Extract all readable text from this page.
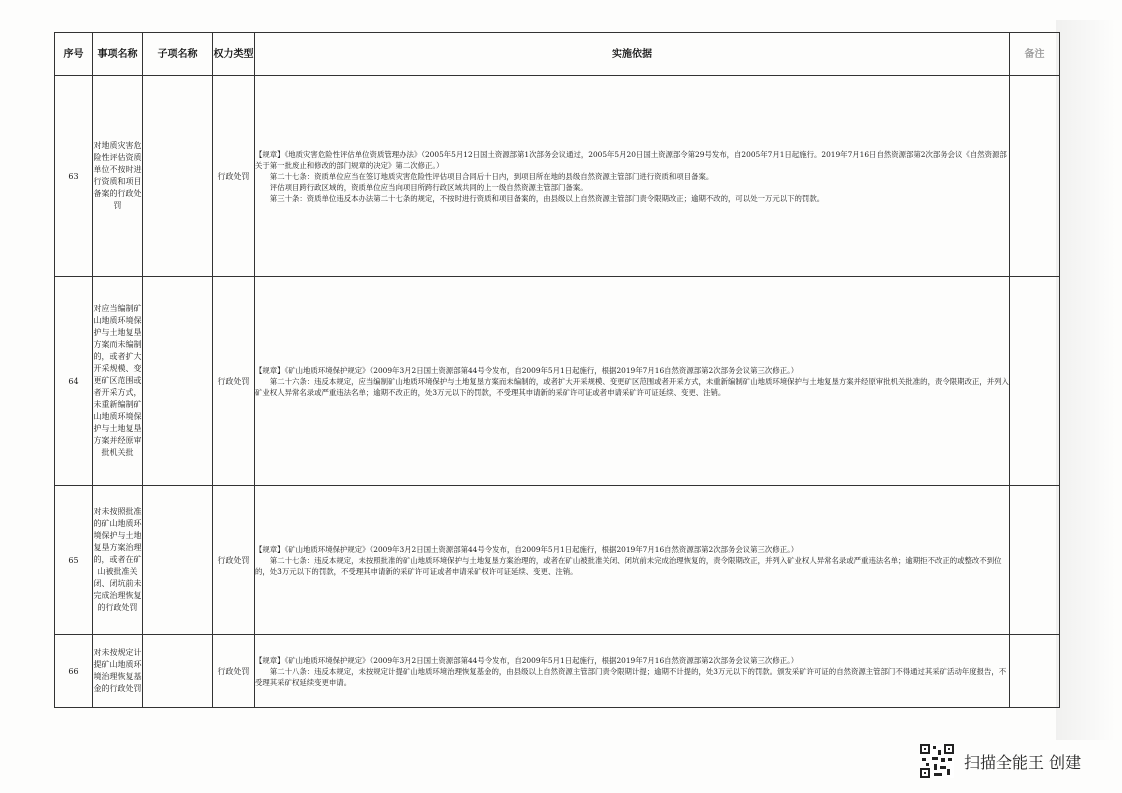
序号	事项名称	子项名称	权力类型	实施依据	备注
63	对地质灾害危险性评估资质单位不按时进行资质和项目备案的行政处罚		行政处罚	【规章】《地质灾害危险性评估单位资质管理办法》（2005年5月12日国土资源部第1次部务会议通过，2005年5月20日国土资源部令第29号发布，自2005年7月1日起施行。2019年7月16日自然资源部第2次部务会议《自然资源部关于第一批废止和修改的部门规章的决定》第二次修正。）

第二十七条：资质单位应当在签订地质灾害危险性评估项目合同后十日内，到项目所在地的县级自然资源主管部门进行资质和项目备案。

评估项目跨行政区域的，资质单位应当向项目所跨行政区域共同的上一级自然资源主管部门备案。

第三十条：资质单位违反本办法第二十七条的规定，不按时进行资质和项目备案的，由县级以上自然资源主管部门责令限期改正；逾期不改的，可以处一万元以下的罚款。	

64	对应当编制矿山地质环境保护与土地复垦方案而未编制的，或者扩大开采规模、变更矿区范围或者开采方式，未重新编制矿山地质环境保护与土地复垦方案并经原审批机关批		行政处罚	【规章】《矿山地质环境保护规定》（2009年3月2日国土资源部第44号令发布，自2009年5月1日起施行，根据2019年7月16自然资源部第2次部务会议第三次修正。）

第二十六条：违反本规定，应当编制矿山地质环境保护与土地复垦方案而未编制的，或者扩大开采规模、变更矿区范围或者开采方式，未重新编制矿山地质环境保护与土地复垦方案并经原审批机关批准的，责令限期改正，并列入矿业权人异常名录或严重违法名单；逾期不改正的，处3万元以下的罚款，不受理其申请新的采矿许可证或者申请采矿许可证延续、变更、注销。	

65	对未按照批准的矿山地质环境保护与土地复垦方案治理的，或者在矿山被批准关闭、闭坑前未完成治理恢复的行政处罚		行政处罚	【规章】《矿山地质环境保护规定》（2009年3月2日国土资源部第44号令发布，自2009年5月1日起施行，根据2019年7月16自然资源部第2次部务会议第三次修正。）

第二十七条：违反本规定，未按照批准的矿山地质环境保护与土地复垦方案治理的，或者在矿山被批准关闭、闭坑前未完成治理恢复的，责令限期改正，并列入矿业权人异常名录或严重违法名单；逾期拒不改正的或整改不到位的，处3万元以下的罚款，不受理其申请新的采矿许可证或者申请采矿权许可证延续、变更、注销。	

66	对未按规定计提矿山地质环境治理恢复基金的行政处罚		行政处罚	【规章】《矿山地质环境保护规定》（2009年3月2日国土资源部第44号令发布，自2009年5月1日起施行，根据2019年7月16自然资源部第2次部务会议第三次修正。）

第二十八条：违反本规定，未按规定计提矿山地质环境治理恢复基金的，由县级以上自然资源主管部门责令限期计提；逾期不计提的，处3万元以下的罚款。颁发采矿许可证的自然资源主管部门不得通过其采矿活动年度报告，不受理其采矿权延续变更申请。	

扫描全能王 创建
